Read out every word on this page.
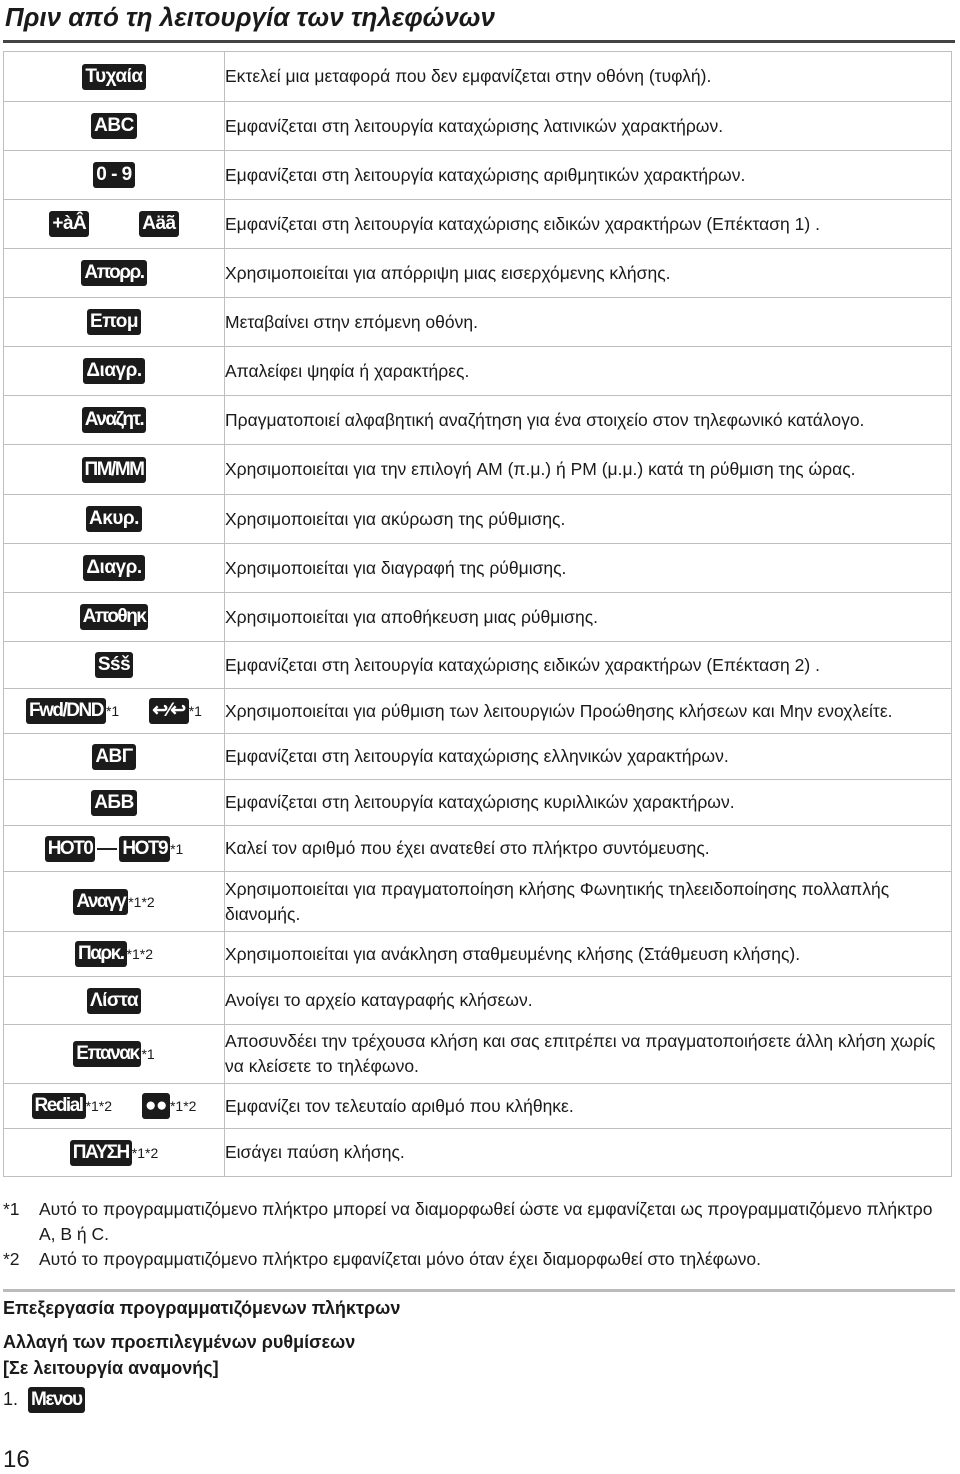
Πριν από τη λειτουργία των τηλεφώνων
Τυχαία	Εκτελεί μια μεταφορά που δεν εμφανίζεται στην οθόνη (τυφλή).
ABC	Εμφανίζεται στη λειτουργία καταχώρισης λατινικών χαρακτήρων.
0 - 9	Εμφανίζεται στη λειτουργία καταχώρισης αριθμητικών χαρακτήρων.
+àÂ Aäã	Εμφανίζεται στη λειτουργία καταχώρισης ειδικών χαρακτήρων (Επέκταση 1) .
Απορρ.	Χρησιμοποιείται για απόρριψη μιας εισερχόμενης κλήσης.
Επομ	Μεταβαίνει στην επόμενη οθόνη.
Διαγρ.	Απαλείφει ψηφία ή χαρακτήρες.
Αναζητ.	Πραγματοποιεί αλφαβητική αναζήτηση για ένα στοιχείο στον τηλεφωνικό κατάλογο.
ΠΜ/ΜΜ	Χρησιμοποιείται για την επιλογή AM (π.μ.) ή PM (μ.μ.) κατά τη ρύθμιση της ώρας.
Ακυρ.	Χρησιμοποιείται για ακύρωση της ρύθμισης.
Διαγρ.	Χρησιμοποιείται για διαγραφή της ρύθμισης.
Αποθηκ	Χρησιμοποιείται για αποθήκευση μιας ρύθμισης.
Sśš	Εμφανίζεται στη λειτουργία καταχώρισης ειδικών χαρακτήρων (Επέκταση 2) .
Fwd/DND *1 ↩︎⁄↩︎ *1	Χρησιμοποιείται για ρύθμιση των λειτουργιών Προώθησης κλήσεων και Μην ενοχλείτε.
ΑΒΓ	Εμφανίζεται στη λειτουργία καταχώρισης ελληνικών χαρακτήρων.
АБВ	Εμφανίζεται στη λειτουργία καταχώρισης κυριλλικών χαρακτήρων.
HOT0 HOT9 *1	Καλεί τον αριθμό που έχει ανατεθεί στο πλήκτρο συντόμευσης.
Αναγγ *1*2	Χρησιμοποιείται για πραγματοποίηση κλήσης Φωνητικής τηλεειδοποίησης πολλαπλής διανομής.
Παρκ. *1*2	Χρησιμοποιείται για ανάκληση σταθμευμένης κλήσης (Στάθμευση κλήσης).
Λίστα	Ανοίγει το αρχείο καταγραφής κλήσεων.
Επανακ *1	Αποσυνδέει την τρέχουσα κλήση και σας επιτρέπει να πραγματοποιήσετε άλλη κλήση χωρίς να κλείσετε το τηλέφωνο.
Redial *1*2 ●● *1*2	Εμφανίζει τον τελευταίο αριθμό που κλήθηκε.
ΠΑΥΣΗ *1*2	Εισάγει παύση κλήσης.
*1	Αυτό το προγραμματιζόμενο πλήκτρο μπορεί να διαμορφωθεί ώστε να εμφανίζεται ως προγραμματιζόμενο πλήκτρο A, B ή C.
*2	Αυτό το προγραμματιζόμενο πλήκτρο εμφανίζεται μόνο όταν έχει διαμορφωθεί στο τηλέφωνο.
Επεξεργασία προγραμματιζόμενων πλήκτρων
Αλλαγή των προεπιλεγμένων ρυθμίσεων
[Σε λειτουργία αναμονής]
1. Μενου
16
